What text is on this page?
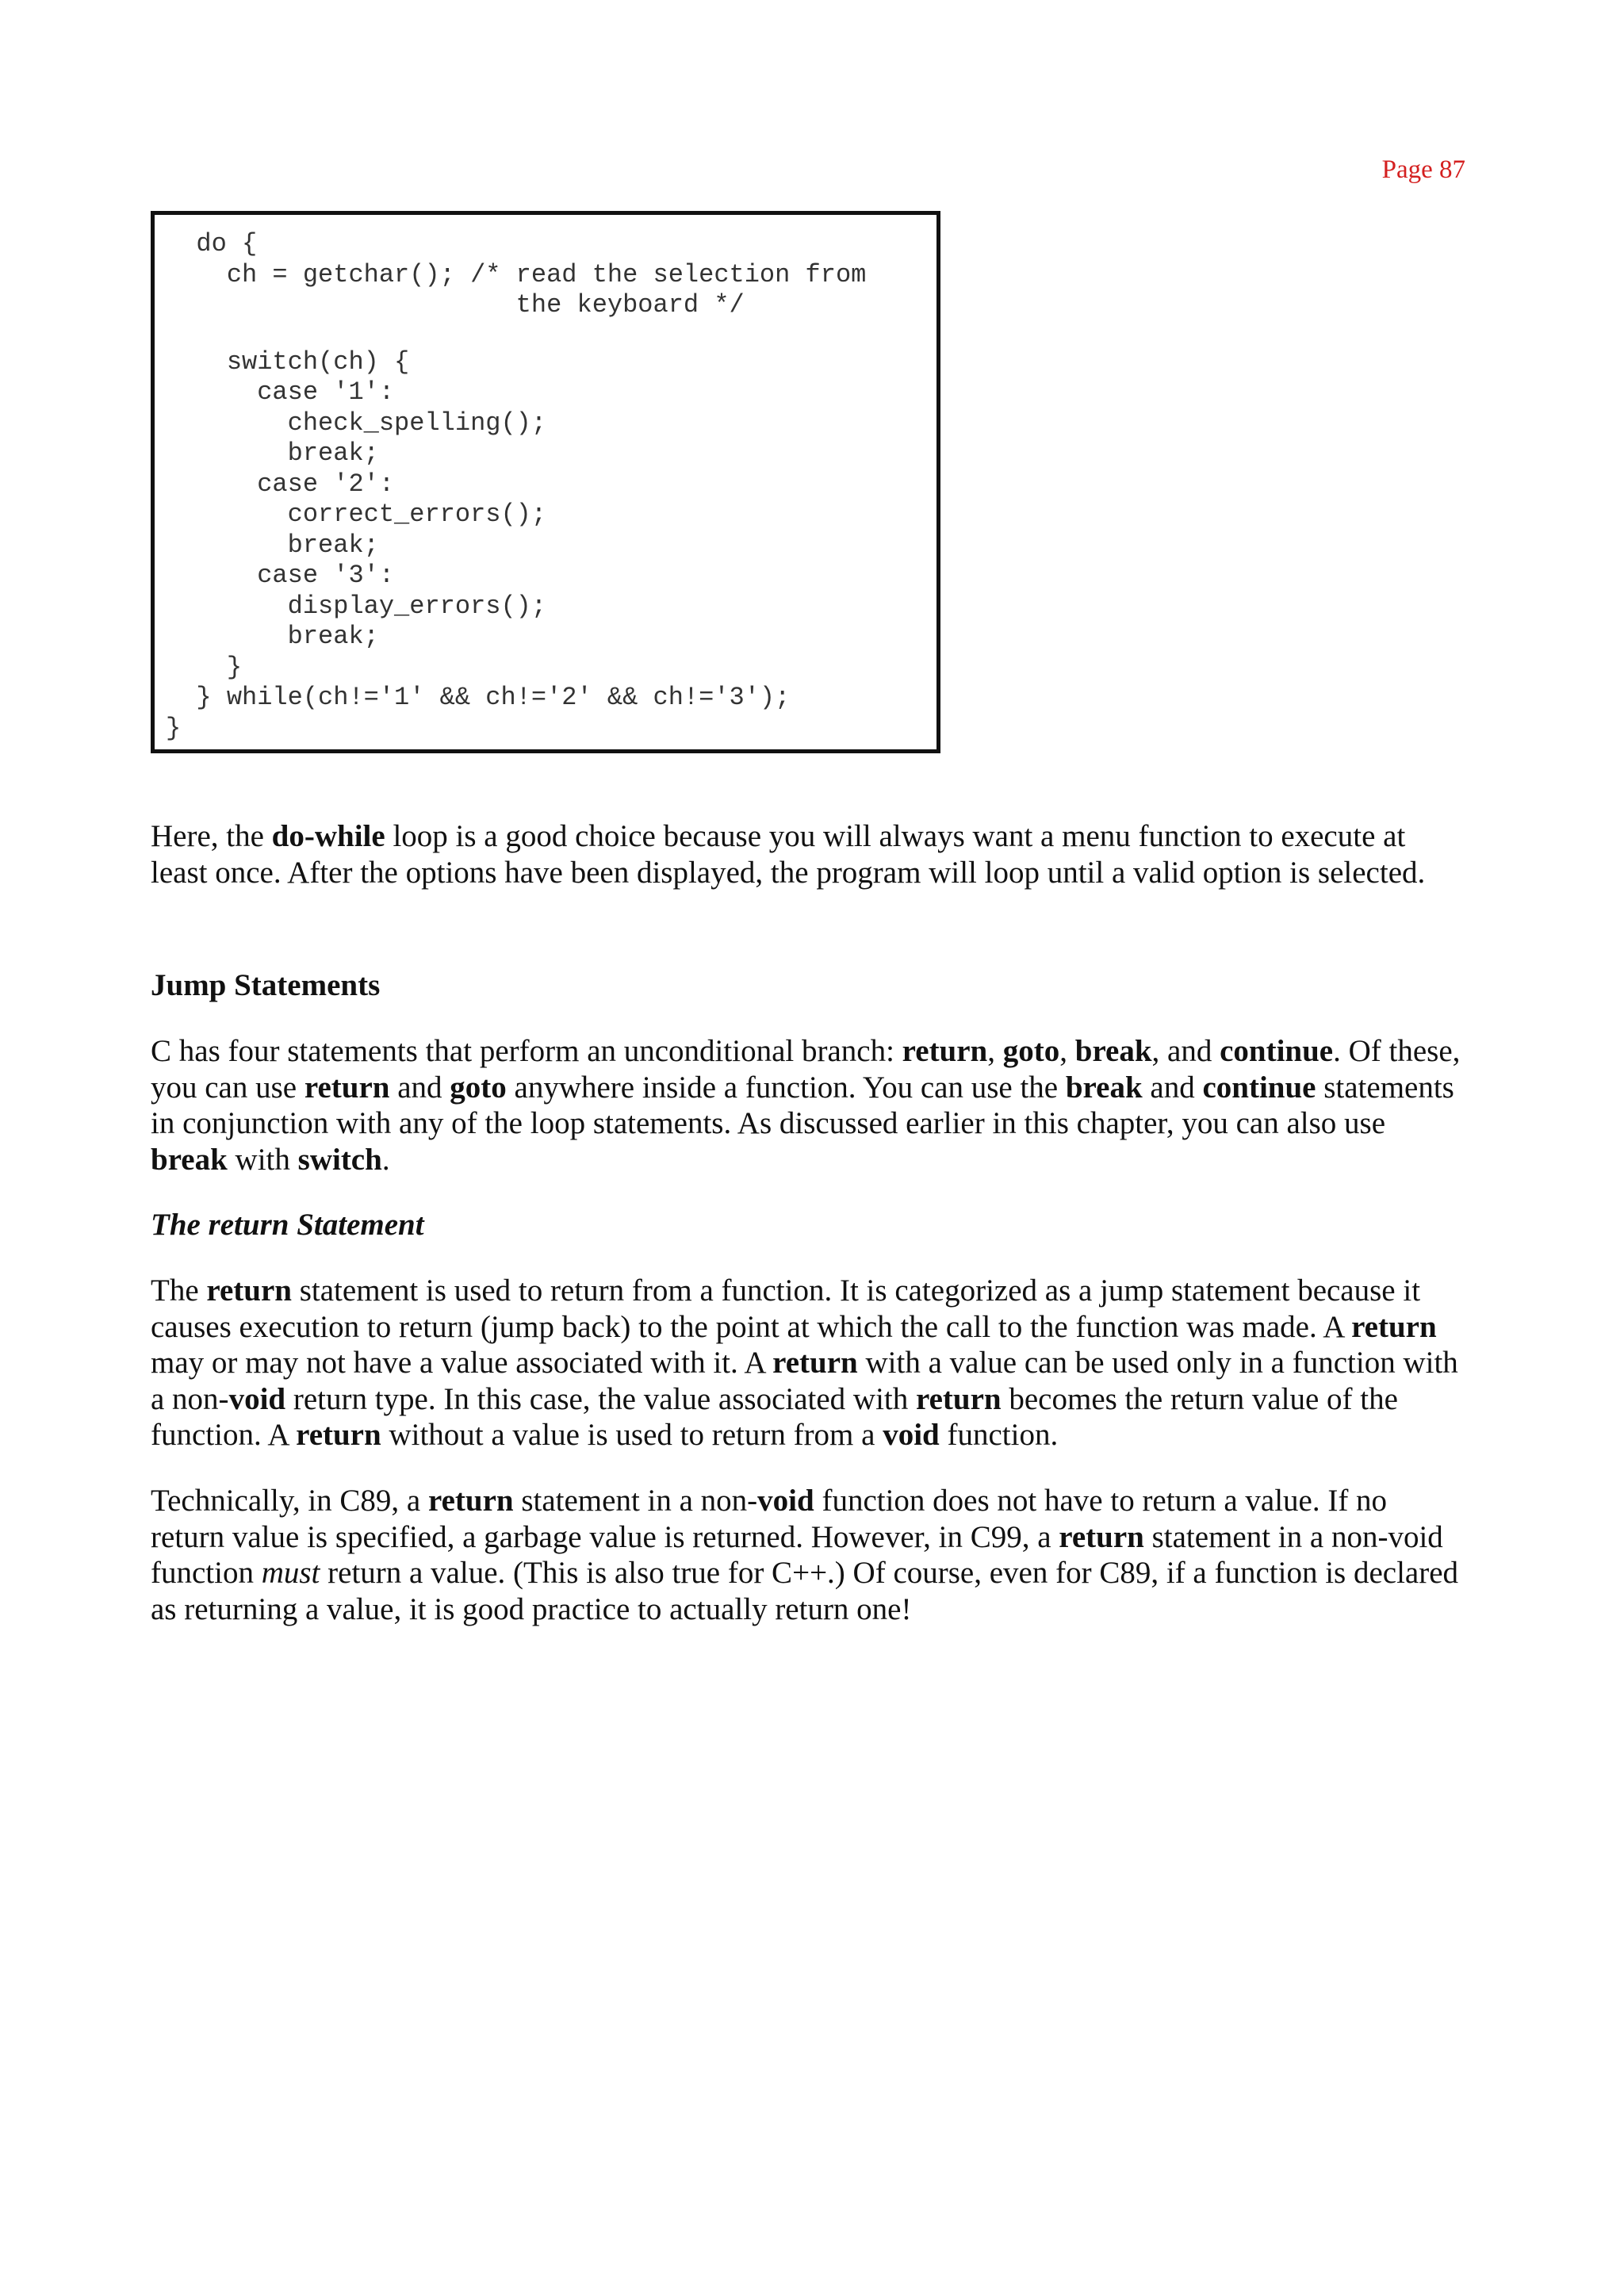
Page 87
do {
ch = getchar(); /* read the selection from
the keyboard */
switch(ch) {
case '1':
check_spelling();
break;
case '2':
correct_errors();
break;
case '3':
display_errors();
break;
}
} while(ch!='1' && ch!='2' && ch!='3');
}

Here, the do-while loop is a good choice because you will always want a menu function to execute at least once. After the options have been displayed, the program will loop until a valid option is selected.

Jump Statements

C has four statements that perform an unconditional branch: return, goto, break, and continue. Of these, you can use return and goto anywhere inside a function. You can use the break and continue statements in conjunction with any of the loop statements. As discussed earlier in this chapter, you can also use break with switch.

The return Statement

The return statement is used to return from a function. It is categorized as a jump statement because it causes execution to return (jump back) to the point at which the call to the function was made. A return may or may not have a value associated with it. A return with a value can be used only in a function with a non-void return type. In this case, the value associated with return becomes the return value of the function. A return without a value is used to return from a void function.

Technically, in C89, a return statement in a non-void function does not have to return a value. If no return value is specified, a garbage value is returned. However, in C99, a return statement in a non-void function must return a value. (This is also true for C++.) Of course, even for C89, if a function is declared as returning a value, it is good practice to actually return one!
